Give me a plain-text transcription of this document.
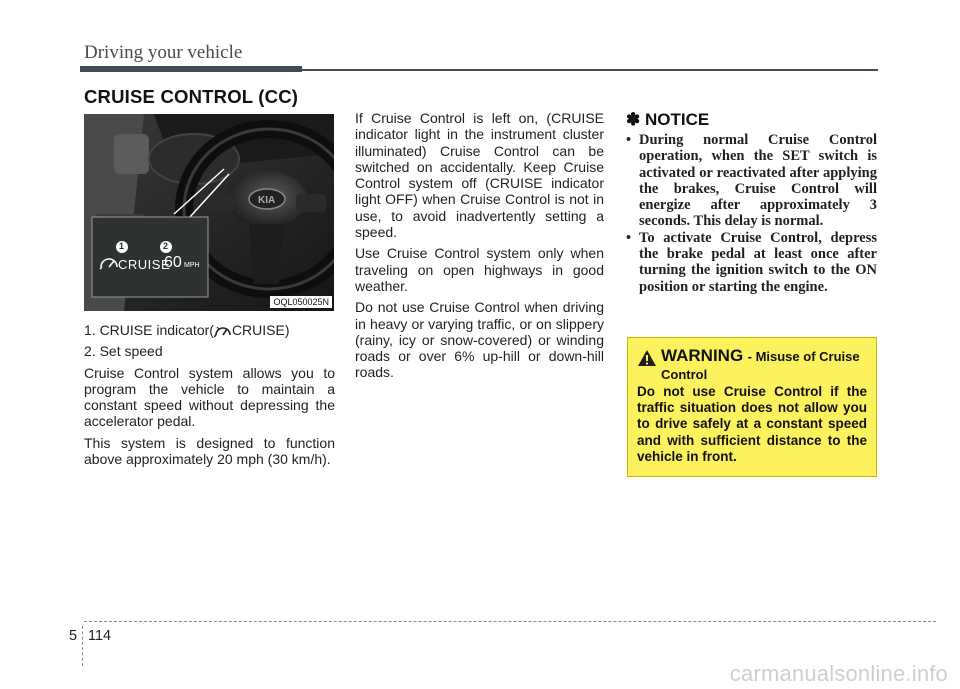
Driving your vehicle
CRUISE CONTROL (CC)
KIA
1	2
CRUISE
60 MPH
OQL050025N

1. CRUISE indicator( CRUISE)

2. Set speed

Cruise Control system allows you to program the vehicle to maintain a constant speed without depressing the accelerator pedal.

This system is designed to function above approximately 20 mph (30 km/h).

If Cruise Control is left on, (CRUISE indicator light in the instrument cluster illuminated) Cruise Control can be switched on accidentally. Keep Cruise Control system off (CRUISE indicator light OFF) when Cruise Control is not in use, to avoid inadvertently setting a speed.

Use Cruise Control system only when traveling on open highways in good weather.

Do not use Cruise Control when driving in heavy or varying traffic, or on slippery (rainy, icy or snow-covered) or winding roads or over 6% up-hill or down-hill roads.

✽ NOTICE
• During normal Cruise Control operation, when the SET switch is activated or reactivated after applying the brakes, Cruise Control will energize after approximately 3 seconds. This delay is normal.
• To activate Cruise Control, depress the brake pedal at least once after turning the ignition switch to the ON position or starting the engine.
WARNING - Misuse of Cruise Control
Do not use Cruise Control if the traffic situation does not allow you to drive safely at a constant speed and with sufficient distance to the vehicle in front.
5 114
carmanualsonline.info
